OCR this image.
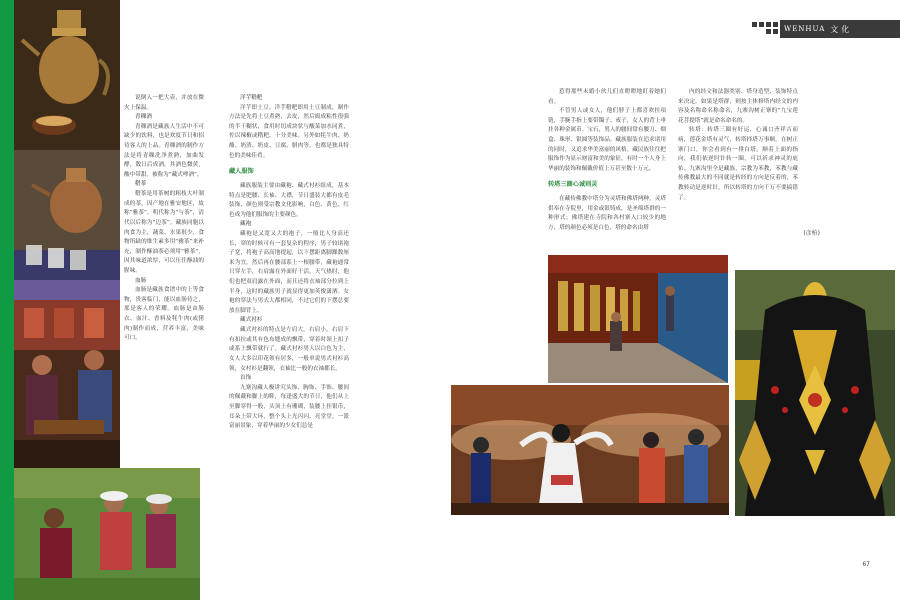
说倒入一把大壶，并放在微火上保温。

青稞酒

青稞酒是藏族人生活中不可缺少的饮料，也是欢度节日和招待客人的上品。青稞酒的制作方法是将青稞洗净煮熟，加曲发酵，数日后成酒，其酒色微黄，酸中带甜，被称为“藏式啤酒”。

糌茶

糌茶是用茶树的粗枝大叶制成的茶，因产地在雅安地区，故称“雅茶”，明代称为“与茶”，清代以后称为“边茶”。藏族同胞以肉食为主，蔬菜、水果很少，食物所缺的维生素多用“雅茶”来补充，制作酥油茶必须用“雅茶”，因其味道浓厚，可以压住酥油的腥味。

血肠

血肠是藏族食谱中的上等食物，贵客临门，能以血肠待之，那是客人的荣耀。血肠是由肠衣、血汁、香料及牦牛肉(或猪肉)制作而成，营养丰富，美味可口。

洋芋糌粑

洋芋即土豆。洋芋糌粑即用土豆制成，制作方法是先将土豆煮熟，去皮，然后捣成粘性很强的半干糊状，食用时切成块状与酸菜加水同煮，佐以辣椒或糌粑，十分美味。另外如牦牛肉、奶酪、奶渣、奶皮、豆腐、腊肉等，也都是独具特色的美味佳肴。

藏人服饰

藏族服装主要由藏袍、藏式衬衫组成，基本特点是肥腰、长袖、大襟，节日盛装大都有皮毛装饰，颜色则受宗教文化影响，白色、黄色、红色成为他们服饰的主要颜色。

藏袍

藏袍是又宽又大的袍子，一般比人身高还长，穿的时候可有一套复杂的程序，男子较诸袍子宽，将袍子高高地提起，以下摆距离脚踝数厘米为宜，然后再在腰部系上一根腰带，藏袍通常只穿左手，右肩露在外面好干活，天气热时，他们也把双肩露在外面，而且还将衣袖部分拉到上半身，这时的藏族男子就显得更加英俊潇洒。女袍的穿法与男式大都相同，不过它们的下摆总要放在脚背上。

藏式衬衫

藏式衬衫的特点是左肩大，右肩小，右肩下有扣拉或其有色布缝成的飘带，穿着时领上扣子或系上飘带就行了。藏式衬衫男人以白色为主，女人大多以印花领有居多，一般单说男式衬衫高领，女衬衫是翻领，衣袖比一般的衣袖都长。

首饰

九寨沟藏人极讲究头饰、胸饰、手饰、腰间的佩戴和脚上的鞋，每逢盛大的节日，他们从上至脚穿得一般，头顶上有珊瑚，装腰上挂银币，耳朵上带大环，整个头上光闪闪、亮堂堂，一派富丽景象，穿着华丽的少女们总是

WENHUA 文化

惹得那些未婚小伙儿们直瞪瞪地盯着她们看。

不管男人或女人，他们脖子上都喜欢挂项链，手腕手指上要带镯子、戒子，女人的背上垂挂各种金属币、宝石，男人的腰间常有腰刀、烟盒、珠形、银圆等装饰品。藏族服装在追求诸用的同时，又追求华美富丽的风格。藏民族往往把服饰作为显示财富和美的象征，有时一个人身上华丽的装饰和佩戴价值上万甚至数十万元。

转塔三圈心诚则灵

在藏传佛教中塔分为灵塔和佛塔两种，灵塔供奉在寺院里，用金或银铸成，是圣绵塔群的一种形式；佛塔建在寺院和各村寨入口较少的地方，塔的颜色必须是白色，塔的命名由塔

内的经文和法器类别、塔身造型、装饰特点来决定。如果是塔群，则按主体修塔内经文的内容及名称命名称命名，九寨沟树正寨的“九宝莲花菩提塔”就是命名命名的。

转塔：转塔三圈有好运，心诚口齐祥吉而病，莲花金塔有灵气，转塔择塔万事顺。在树正寨门口，你会看到有一排白塔，顺着上面的指向，我们依逆时针转一圈，可以祈求神灵的庇佑。九寨沟里全是藏族，宗教为苯教，苯教与藏传佛教最大的不同就是转经的方向是反着的，苯教转动是逆时针，所以转塔的方向千万不要搞错了。

(彦柏)
67
